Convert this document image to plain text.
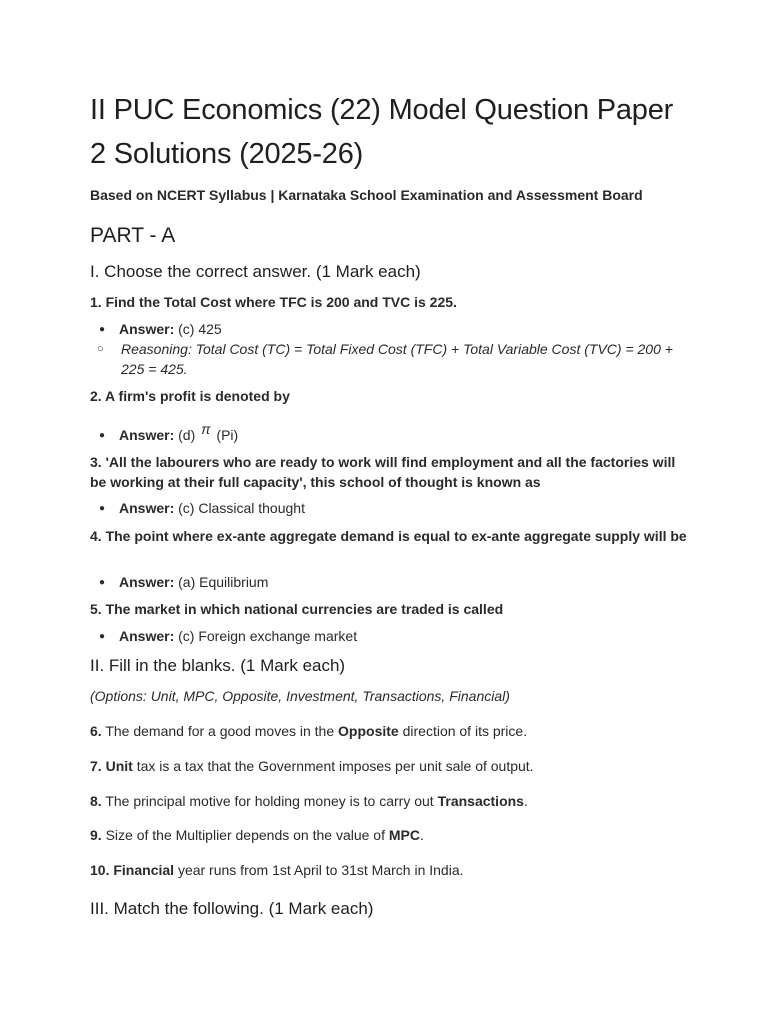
II PUC Economics (22) Model Question Paper 2 Solutions (2025-26)

Based on NCERT Syllabus | Karnataka School Examination and Assessment Board

PART - A
I. Choose the correct answer. (1 Mark each)

1. Find the Total Cost where TFC is 200 and TVC is 225.

● Answer: (c) 425

○ Reasoning: Total Cost (TC) = Total Fixed Cost (TFC) + Total Variable Cost (TVC) = 200 + 225 = 425.

2. A firm's profit is denoted by

● Answer: (d) π (Pi)

3. 'All the labourers who are ready to work will find employment and all the factories will be working at their full capacity', this school of thought is known as

● Answer: (c) Classical thought

4. The point where ex-ante aggregate demand is equal to ex-ante aggregate supply will be

● Answer: (a) Equilibrium

5. The market in which national currencies are traded is called

● Answer: (c) Foreign exchange market

II. Fill in the blanks. (1 Mark each)

(Options: Unit, MPC, Opposite, Investment, Transactions, Financial)

6. The demand for a good moves in the Opposite direction of its price.

7. Unit tax is a tax that the Government imposes per unit sale of output.

8. The principal motive for holding money is to carry out Transactions.

9. Size of the Multiplier depends on the value of MPC.

10. Financial year runs from 1st April to 31st March in India.

III. Match the following. (1 Mark each)
